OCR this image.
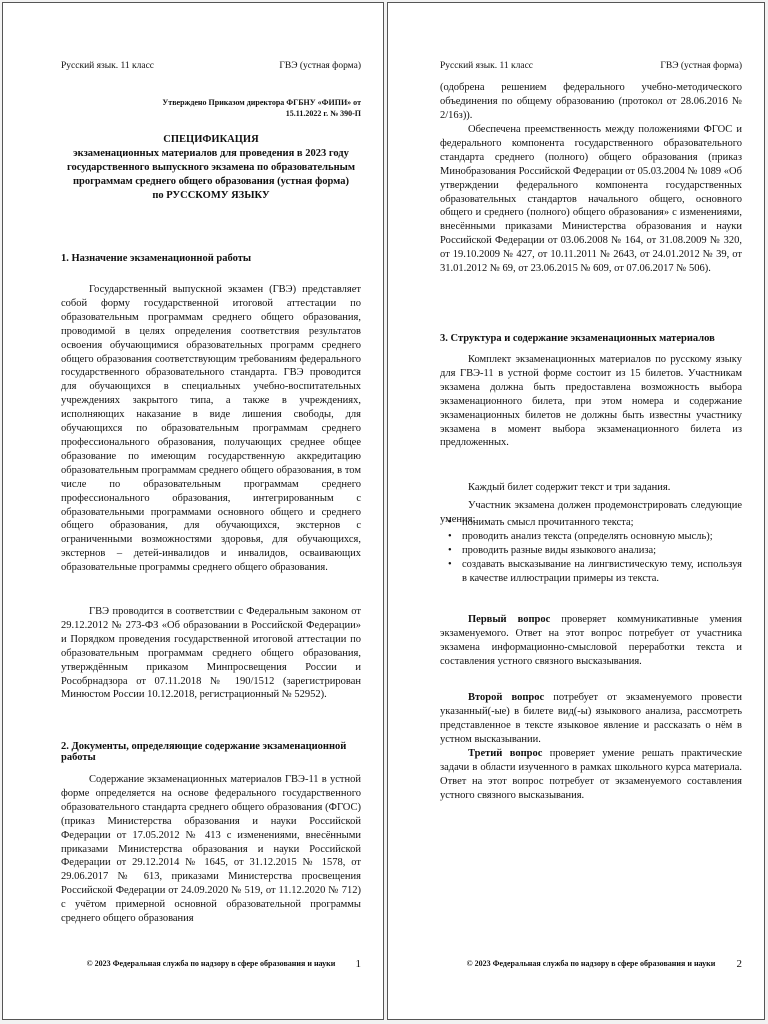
Русский язык. 11 класс	ГВЭ (устная форма)
Утверждено Приказом директора ФГБНУ «ФИПИ» от 15.11.2022 г. № 390-П
СПЕЦИФИКАЦИЯ
экзаменационных материалов для проведения в 2023 году
государственного выпускного экзамена по образовательным
программам среднего общего образования (устная форма)
по РУССКОМУ ЯЗЫКУ
1. Назначение экзаменационной работы
Государственный выпускной экзамен (ГВЭ) представляет собой форму государственной итоговой аттестации по образовательным программам среднего общего образования, проводимой в целях определения соответствия результатов освоения обучающимися образовательных программ среднего общего образования соответствующим требованиям федерального государственного образовательного стандарта. ГВЭ проводится для обучающихся в специальных учебно-воспитательных учреждениях закрытого типа, а также в учреждениях, исполняющих наказание в виде лишения свободы, для обучающихся по образовательным программам среднего профессионального образования, получающих среднее общее образование по имеющим государственную аккредитацию образовательным программам среднего общего образования, в том числе по образовательным программам среднего профессионального образования, интегрированным с образовательными программами основного общего и среднего общего образования, для обучающихся, экстернов с ограниченными возможностями здоровья, для обучающихся, экстернов – детей-инвалидов и инвалидов, осваивающих образовательные программы среднего общего образования.
ГВЭ проводится в соответствии с Федеральным законом от 29.12.2012 № 273-ФЗ «Об образовании в Российской Федерации» и Порядком проведения государственной итоговой аттестации по образовательным программам среднего общего образования, утверждённым приказом Минпросвещения России и Рособрнадзора от 07.11.2018 № 190/1512 (зарегистрирован Минюстом России 10.12.2018, регистрационный № 52952).
2. Документы, определяющие содержание экзаменационной работы
Содержание экзаменационных материалов ГВЭ-11 в устной форме определяется на основе федерального государственного образовательного стандарта среднего общего образования (ФГОС) (приказ Министерства образования и науки Российской Федерации от 17.05.2012 № 413 с изменениями, внесёнными приказами Министерства образования и науки Российской Федерации от 29.12.2014 № 1645, от 31.12.2015 № 1578, от 29.06.2017 № 613, приказами Министерства просвещения Российской Федерации от 24.09.2020 № 519, от 11.12.2020 № 712) с учётом примерной основной образовательной программы среднего общего образования
© 2023 Федеральная служба по надзору в сфере образования и науки	1
Русский язык. 11 класс	ГВЭ (устная форма)
(одобрена решением федерального учебно-методического объединения по общему образованию (протокол от 28.06.2016 № 2/16з)).
Обеспечена преемственность между положениями ФГОС и федерального компонента государственного образовательного стандарта среднего (полного) общего образования (приказ Минобразования Российской Федерации от 05.03.2004 № 1089 «Об утверждении федерального компонента государственных образовательных стандартов начального общего, основного общего и среднего (полного) общего образования» с изменениями, внесёнными приказами Министерства образования и науки Российской Федерации от 03.06.2008 № 164, от 31.08.2009 № 320, от 19.10.2009 № 427, от 10.11.2011 № 2643, от 24.01.2012 № 39, от 31.01.2012 № 69, от 23.06.2015 № 609, от 07.06.2017 № 506).
3. Структура и содержание экзаменационных материалов
Комплект экзаменационных материалов по русскому языку для ГВЭ-11 в устной форме состоит из 15 билетов. Участникам экзамена должна быть предоставлена возможность выбора экзаменационного билета, при этом номера и содержание экзаменационных билетов не должны быть известны участнику экзамена в момент выбора экзаменационного билета из предложенных.
Каждый билет содержит текст и три задания.
Участник экзамена должен продемонстрировать следующие умения:
• понимать смысл прочитанного текста;
• проводить анализ текста (определять основную мысль);
• проводить разные виды языкового анализа;
• создавать высказывание на лингвистическую тему, используя в качестве иллюстрации примеры из текста.
Первый вопрос проверяет коммуникативные умения экзаменуемого. Ответ на этот вопрос потребует от участника экзамена информационно-смысловой переработки текста и составления устного связного высказывания.
Второй вопрос потребует от экзаменуемого провести указанный(-ые) в билете вид(-ы) языкового анализа, рассмотреть представленное в тексте языковое явление и рассказать о нём в устном высказывании.
Третий вопрос проверяет умение решать практические задачи в области изученного в рамках школьного курса материала. Ответ на этот вопрос потребует от экзаменуемого составления устного связного высказывания.
© 2023 Федеральная служба по надзору в сфере образования и науки	2
